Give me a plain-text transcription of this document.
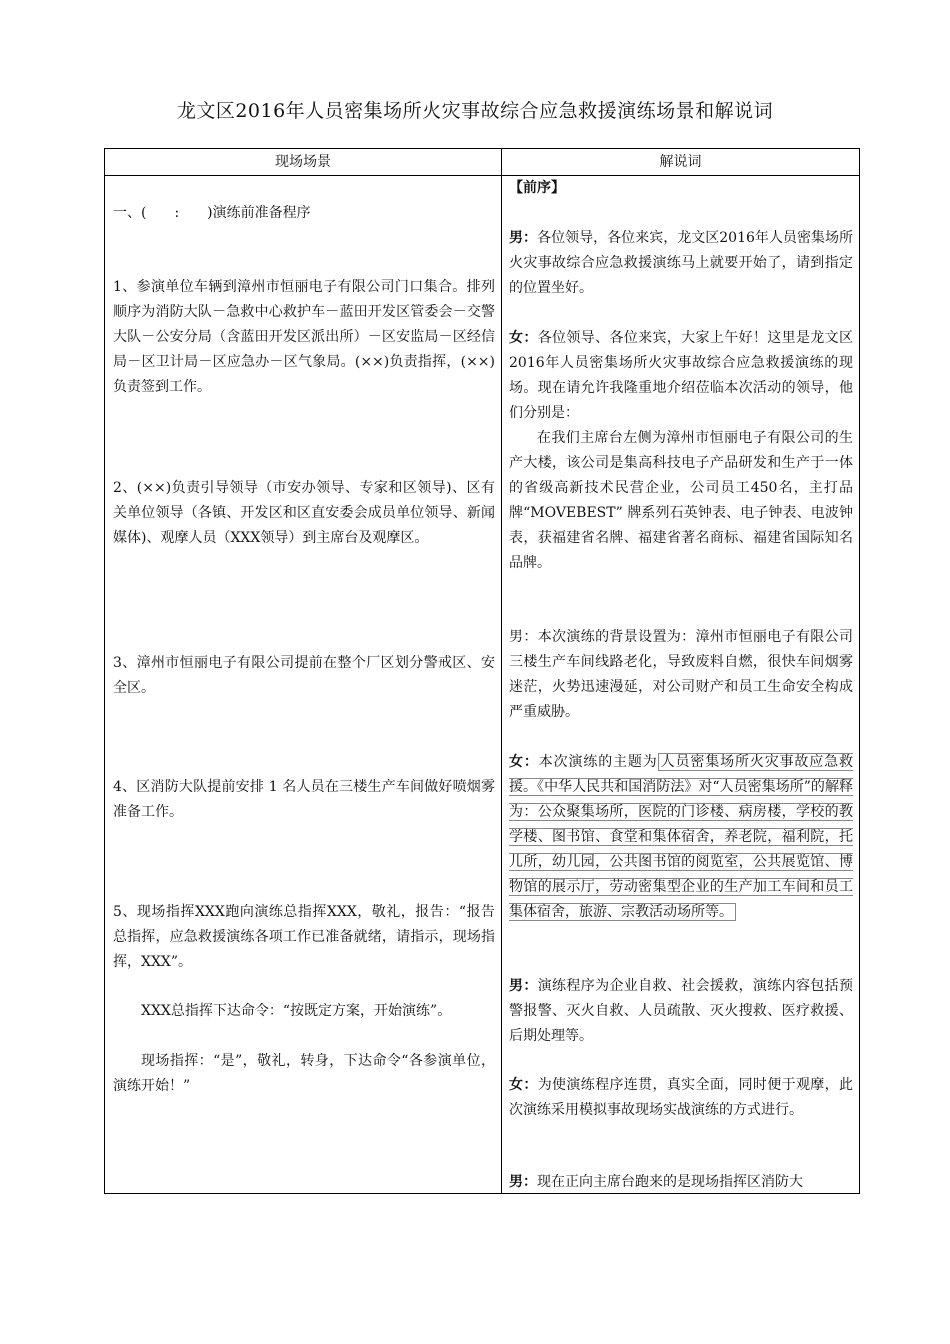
龙文区2016年人员密集场所火灾事故综合应急救援演练场景和解说词
现场场景	解说词

一、(　　:　　)演练前准备程序

1、参演单位车辆到漳州市恒丽电子有限公司门口集合。排列顺序为消防大队－急救中心救护车－蓝田开发区管委会－交警大队－公安分局（含蓝田开发区派出所）－区安监局－区经信局－区卫计局－区应急办－区气象局。(××)负责指挥，(××)负责签到工作。

2、(××)负责引导领导（市安办领导、专家和区领导)、区有关单位领导（各镇、开发区和区直安委会成员单位领导、新闻媒体)、观摩人员（XXX领导）到主席台及观摩区。

3、漳州市恒丽电子有限公司提前在整个厂区划分警戒区、安全区。

4、区消防大队提前安排 1 名人员在三楼生产车间做好喷烟雾准备工作。

5、现场指挥XXX跑向演练总指挥XXX，敬礼，报告：“报告总指挥，应急救援演练各项工作已准备就绪，请指示，现场指挥，XXX”。

XXX总指挥下达命令：“按既定方案，开始演练”。

现场指挥：“是”，敬礼，转身，下达命令“各参演单位，演练开始！”

【前序】

男：各位领导，各位来宾，龙文区2016年人员密集场所火灾事故综合应急救援演练马上就要开始了，请到指定的位置坐好。

女：各位领导、各位来宾，大家上午好！这里是龙文区2016年人员密集场所火灾事故综合应急救援演练的现场。现在请允许我隆重地介绍莅临本次活动的领导，他们分别是：

在我们主席台左侧为漳州市恒丽电子有限公司的生产大楼，该公司是集高科技电子产品研发和生产于一体的省级高新技术民营企业，公司员工450名，主打品牌“MOVEBEST” 牌系列石英钟表、电子钟表、电波钟表，获福建省名牌、福建省著名商标、福建省国际知名品牌。

男：本次演练的背景设置为：漳州市恒丽电子有限公司三楼生产车间线路老化，导致废料自燃，很快车间烟雾迷茫，火势迅速漫延，对公司财产和员工生命安全构成严重威胁。

女：本次演练的主题为 人员密集场所火灾事故应急救援。《中华人民共和国消防法》对“人员密集场所”的解释为：公众聚集场所，医院的门诊楼、病房楼，学校的教学楼、图书馆、食堂和集体宿舍，养老院，福利院，托儿所，幼儿园，公共图书馆的阅览室，公共展览馆、博物馆的展示厅，劳动密集型企业的生产加工车间和员工集体宿舍，旅游、宗教活动场所等。

男：演练程序为企业自救、社会援救，演练内容包括预警报警、灭火自救、人员疏散、灭火搜救、医疗救援、后期处理等。

女：为使演练程序连贯，真实全面，同时便于观摩，此次演练采用模拟事故现场实战演练的方式进行。

男：现在正向主席台跑来的是现场指挥区消防大
